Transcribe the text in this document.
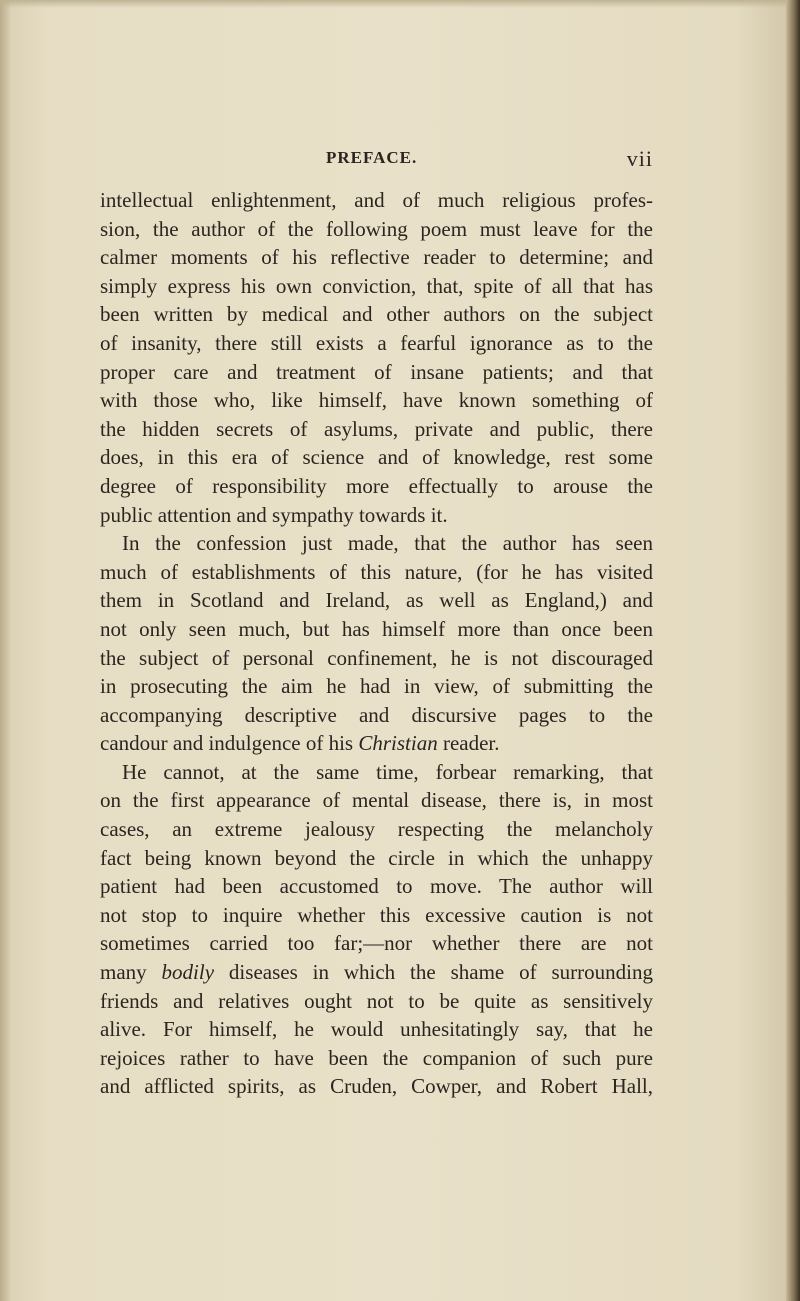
PREFACE.	vii
intellectual enlightenment, and of much religious profes-
sion, the author of the following poem must leave for the
calmer moments of his reflective reader to determine; and
simply express his own conviction, that, spite of all that has
been written by medical and other authors on the subject
of insanity, there still exists a fearful ignorance as to the
proper care and treatment of insane patients; and that
with those who, like himself, have known something of
the hidden secrets of asylums, private and public, there
does, in this era of science and of knowledge, rest some
degree of responsibility more effectually to arouse the
public attention and sympathy towards it.
In the confession just made, that the author has seen
much of establishments of this nature, (for he has visited
them in Scotland and Ireland, as well as England,) and
not only seen much, but has himself more than once been
the subject of personal confinement, he is not discouraged
in prosecuting the aim he had in view, of submitting the
accompanying descriptive and discursive pages to the
candour and indulgence of his Christian reader.
He cannot, at the same time, forbear remarking, that
on the first appearance of mental disease, there is, in most
cases, an extreme jealousy respecting the melancholy
fact being known beyond the circle in which the unhappy
patient had been accustomed to move. The author will
not stop to inquire whether this excessive caution is not
sometimes carried too far;—nor whether there are not
many bodily diseases in which the shame of surrounding
friends and relatives ought not to be quite as sensitively
alive. For himself, he would unhesitatingly say, that he
rejoices rather to have been the companion of such pure
and afflicted spirits, as Cruden, Cowper, and Robert Hall,
